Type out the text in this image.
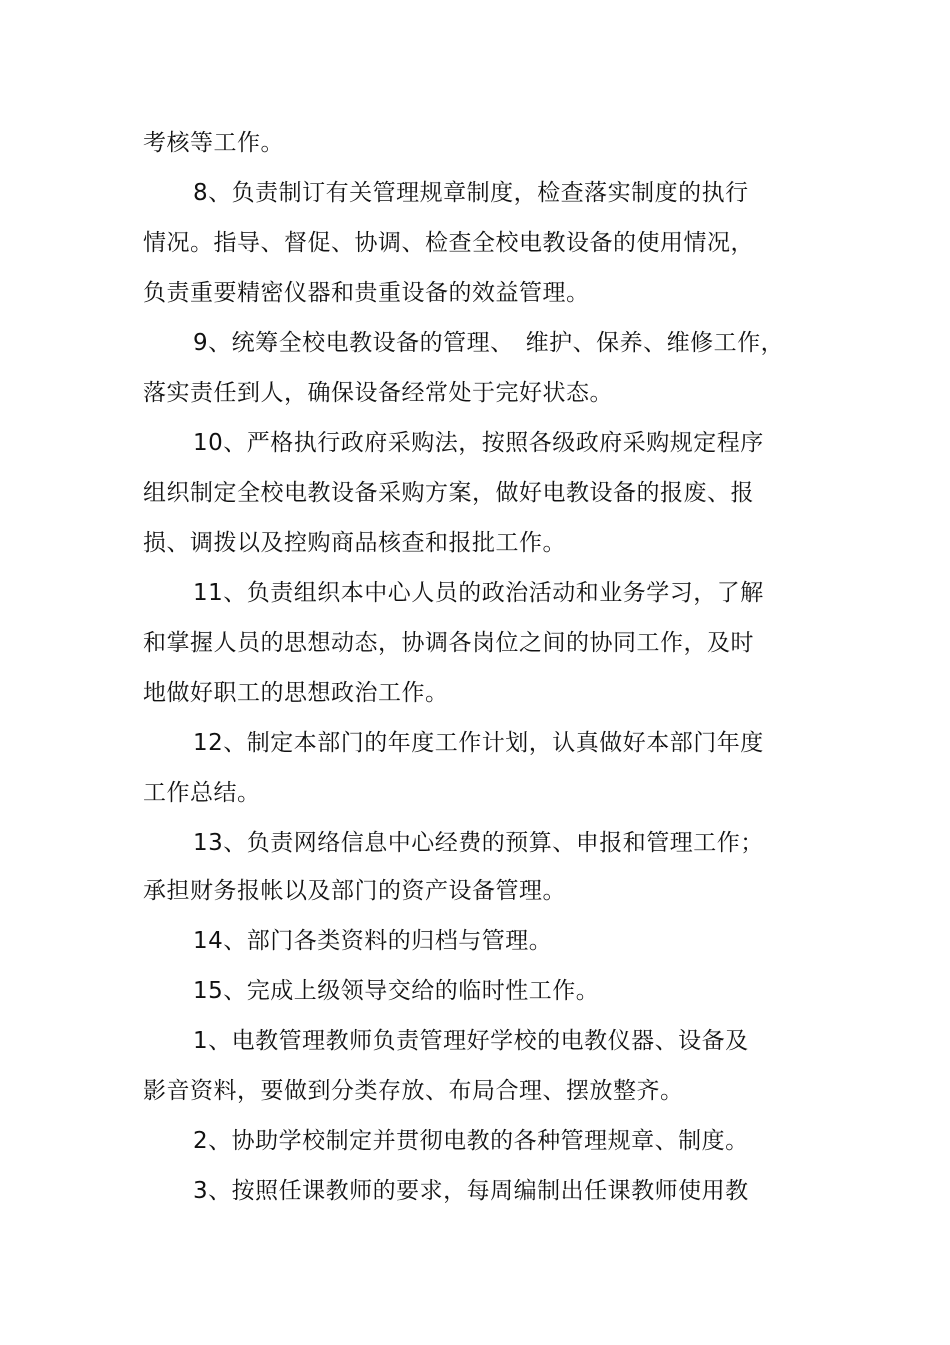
考核等工作。
8、负责制订有关管理规章制度，检查落实制度的执行
情况。指导、督促、协调、检查全校电教设备的使用情况，
负责重要精密仪器和贵重设备的效益管理。
9、统筹全校电教设备的管理、　维护、保养、维修工作，
落实责任到人，确保设备经常处于完好状态。
10、严格执行政府采购法，按照各级政府采购规定程序
组织制定全校电教设备采购方案，做好电教设备的报废、报
损、调拨以及控购商品核查和报批工作。
11、负责组织本中心人员的政治活动和业务学习，了解
和掌握人员的思想动态，协调各岗位之间的协同工作，及时
地做好职工的思想政治工作。
12、制定本部门的年度工作计划，认真做好本部门年度
工作总结。
13、负责网络信息中心经费的预算、申报和管理工作；
承担财务报帐以及部门的资产设备管理。
14、部门各类资料的归档与管理。
15、完成上级领导交给的临时性工作。
1、电教管理教师负责管理好学校的电教仪器、设备及
影音资料，要做到分类存放、布局合理、摆放整齐。
2、协助学校制定并贯彻电教的各种管理规章、制度。
3、按照任课教师的要求，每周编制出任课教师使用教
